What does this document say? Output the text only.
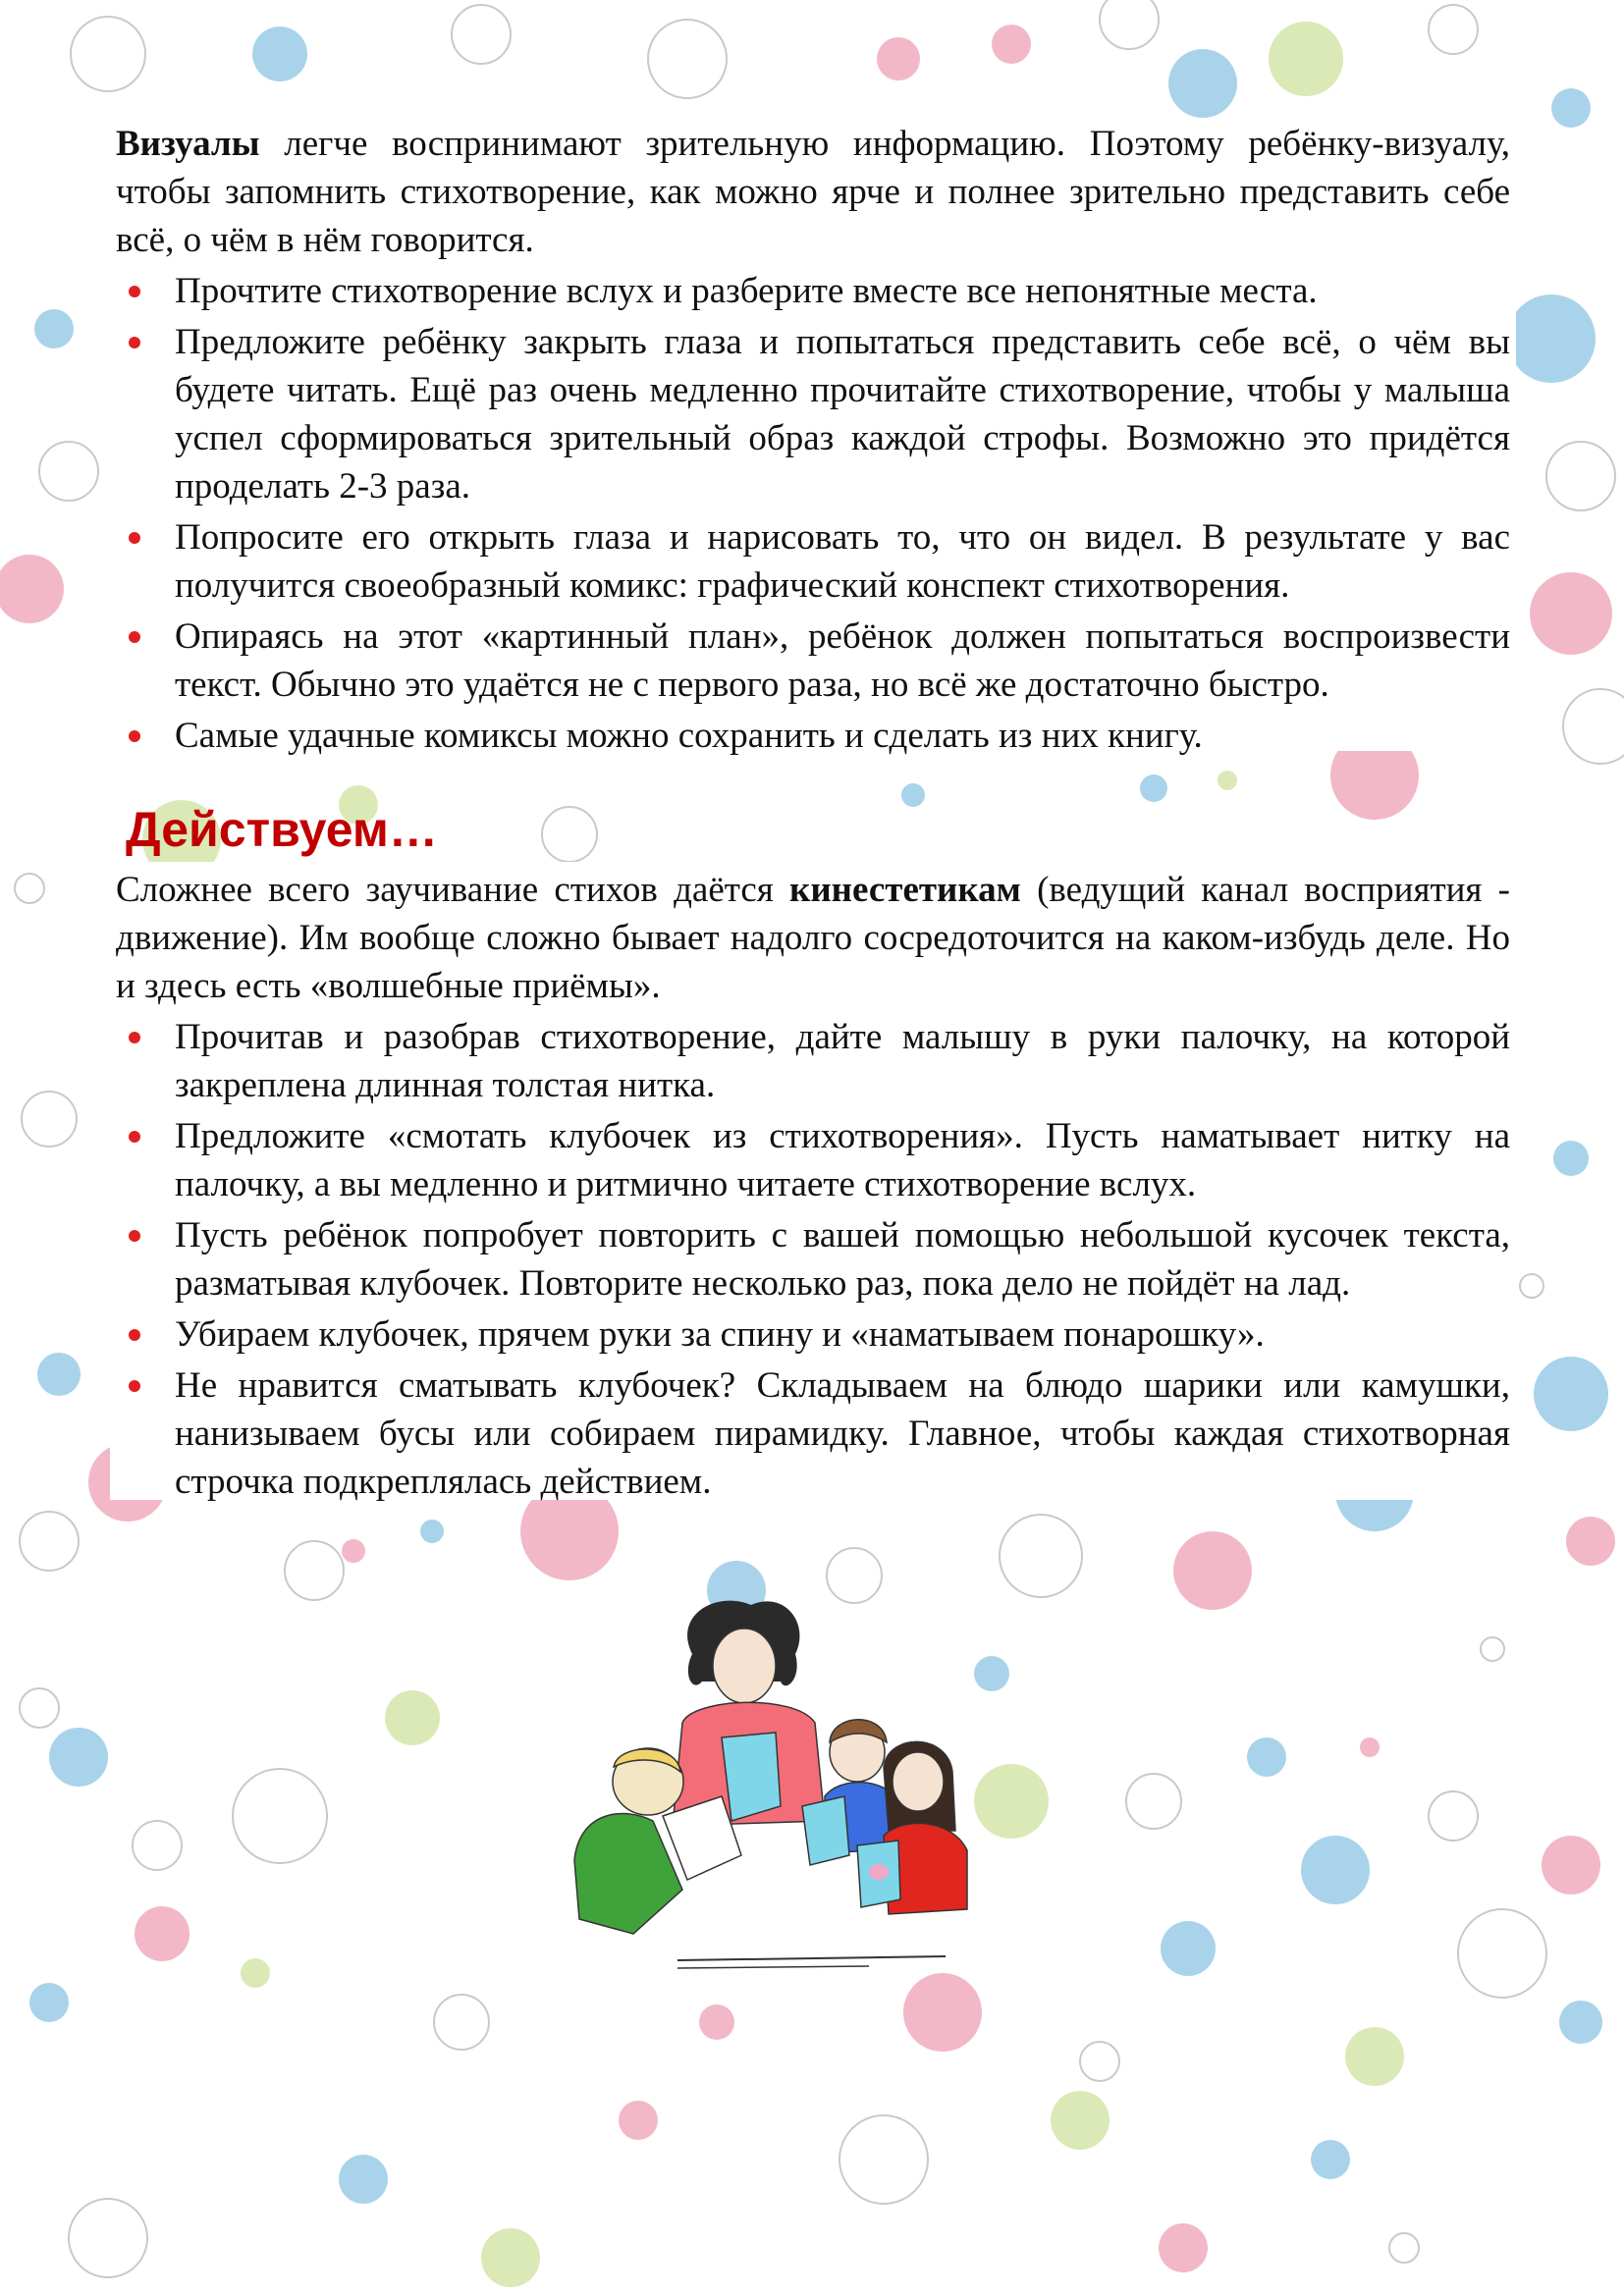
Визуалы легче воспринимают зрительную информацию. Поэтому ребёнку-визуалу, чтобы запомнить стихотворение, как можно ярче и полнее зрительно представить себе всё, о чём в нём говорится.

Прочтите стихотворение вслух и разберите вместе все непонятные места.
Предложите ребёнку закрыть глаза и попытаться представить себе всё, о чём вы будете читать. Ещё раз очень медленно прочитайте стихотворение, чтобы у малыша успел сформироваться зрительный образ каждой строфы. Возможно это придётся проделать 2-3 раза.
Попросите его открыть глаза и нарисовать то, что он видел. В результате у вас получится своеобразный комикс: графический конспект стихотворения.
Опираясь на этот «картинный план», ребёнок должен попытаться воспроизвести текст. Обычно это удаётся не с первого раза, но всё же достаточно быстро.
Самые удачные комиксы можно сохранить и сделать из них книгу.
Действуем…

Сложнее всего заучивание стихов даётся кинестетикам (ведущий канал восприятия - движение). Им вообще сложно бывает надолго сосредоточится на каком-избудь деле. Но и здесь есть «волшебные приёмы».

Прочитав и разобрав стихотворение, дайте малышу в руки палочку, на которой закреплена длинная толстая нитка.
Предложите «смотать клубочек из стихотворения». Пусть наматывает нитку на палочку, а вы медленно и ритмично читаете стихотворение вслух.
Пусть ребёнок попробует повторить с вашей помощью небольшой кусочек текста, разматывая клубочек. Повторите несколько раз, пока дело не пойдёт на лад.
Убираем клубочек, прячем руки за спину и «наматываем понарошку».
Не нравится сматывать клубочек? Складываем на блюдо шарики или камушки, нанизываем бусы или собираем пирамидку. Главное, чтобы каждая стихотворная строчка подкреплялась действием.
